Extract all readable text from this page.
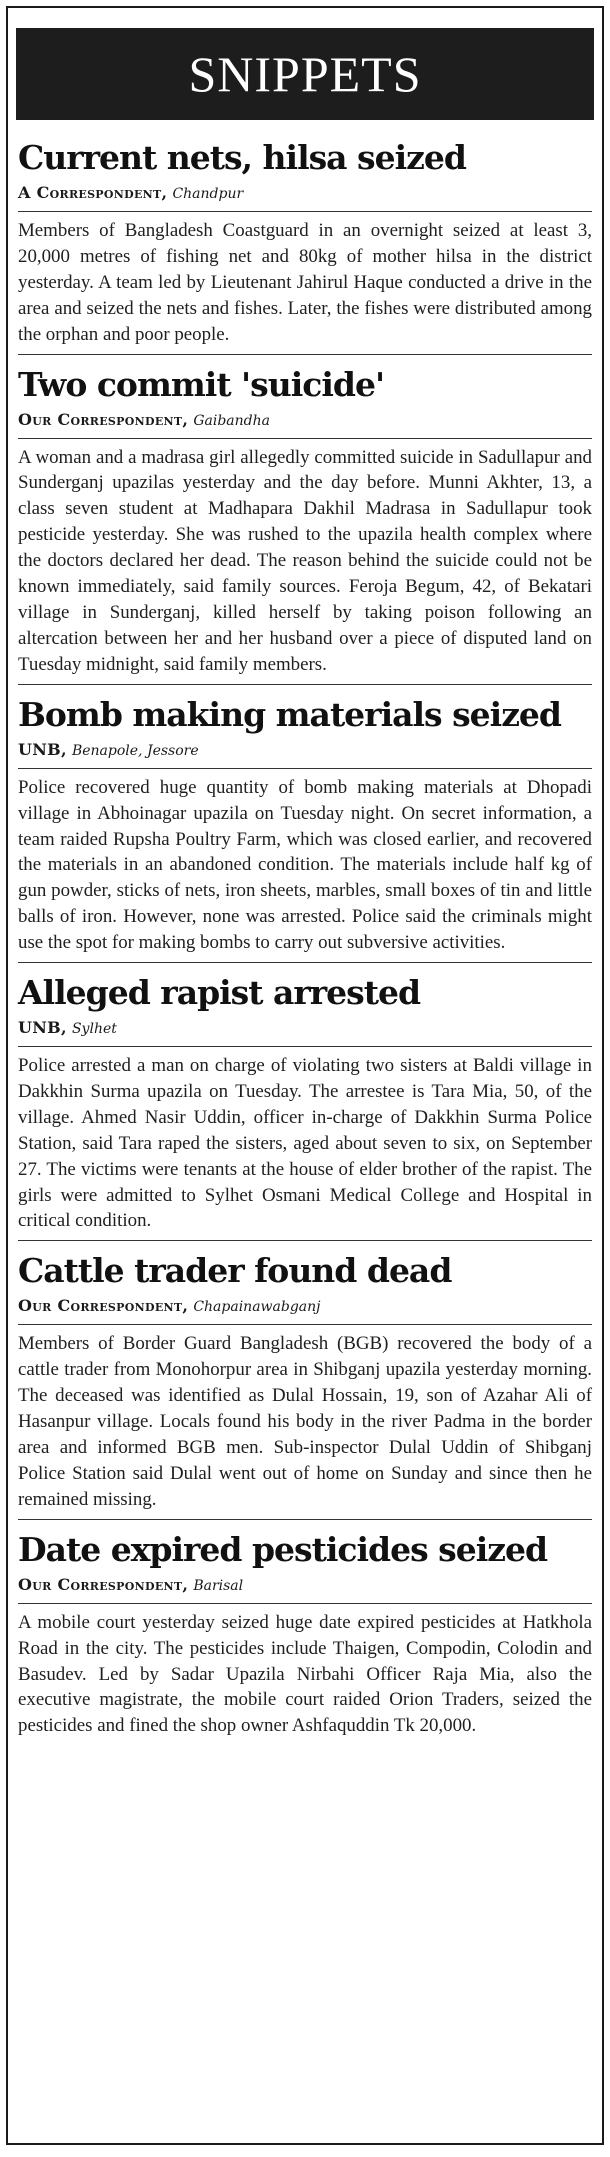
SNIPPETS
Current nets, hilsa seized

A Correspondent, Chandpur

Members of Bangladesh Coastguard in an overnight seized at least 3, 20,000 metres of fishing net and 80kg of mother hilsa in the district yesterday. A team led by Lieutenant Jahirul Haque conducted a drive in the area and seized the nets and fishes. Later, the fishes were distributed among the orphan and poor people.

Two commit 'suicide'

Our Correspondent, Gaibandha

A woman and a madrasa girl allegedly committed suicide in Sadullapur and Sunderganj upazilas yesterday and the day before. Munni Akhter, 13, a class seven student at Madhapara Dakhil Madrasa in Sadullapur took pesticide yesterday. She was rushed to the upazila health complex where the doctors declared her dead. The reason behind the suicide could not be known immediately, said family sources. Feroja Begum, 42, of Bekatari village in Sunderganj, killed herself by taking poison following an altercation between her and her husband over a piece of disputed land on Tuesday midnight, said family members.

Bomb making materials seized

UNB, Benapole, Jessore

Police recovered huge quantity of bomb making materials at Dhopadi village in Abhoinagar upazila on Tuesday night. On secret information, a team raided Rupsha Poultry Farm, which was closed earlier, and recovered the materials in an abandoned condition. The materials include half kg of gun powder, sticks of nets, iron sheets, marbles, small boxes of tin and little balls of iron. However, none was arrested. Police said the criminals might use the spot for making bombs to carry out subversive activities.

Alleged rapist arrested

UNB, Sylhet

Police arrested a man on charge of violating two sisters at Baldi village in Dakkhin Surma upazila on Tuesday. The arrestee is Tara Mia, 50, of the village. Ahmed Nasir Uddin, officer in-charge of Dakkhin Surma Police Station, said Tara raped the sisters, aged about seven to six, on September 27. The victims were tenants at the house of elder brother of the rapist. The girls were admitted to Sylhet Osmani Medical College and Hospital in critical condition.

Cattle trader found dead

Our Correspondent, Chapainawabganj

Members of Border Guard Bangladesh (BGB) recovered the body of a cattle trader from Monohorpur area in Shibganj upazila yesterday morning. The deceased was identified as Dulal Hossain, 19, son of Azahar Ali of Hasanpur village. Locals found his body in the river Padma in the border area and informed BGB men. Sub-inspector Dulal Uddin of Shibganj Police Station said Dulal went out of home on Sunday and since then he remained missing.

Date expired pesticides seized

Our Correspondent, Barisal

A mobile court yesterday seized huge date expired pesticides at Hatkhola Road in the city. The pesticides include Thaigen, Compodin, Colodin and Basudev. Led by Sadar Upazila Nirbahi Officer Raja Mia, also the executive magistrate, the mobile court raided Orion Traders, seized the pesticides and fined the shop owner Ashfaquddin Tk 20,000.
